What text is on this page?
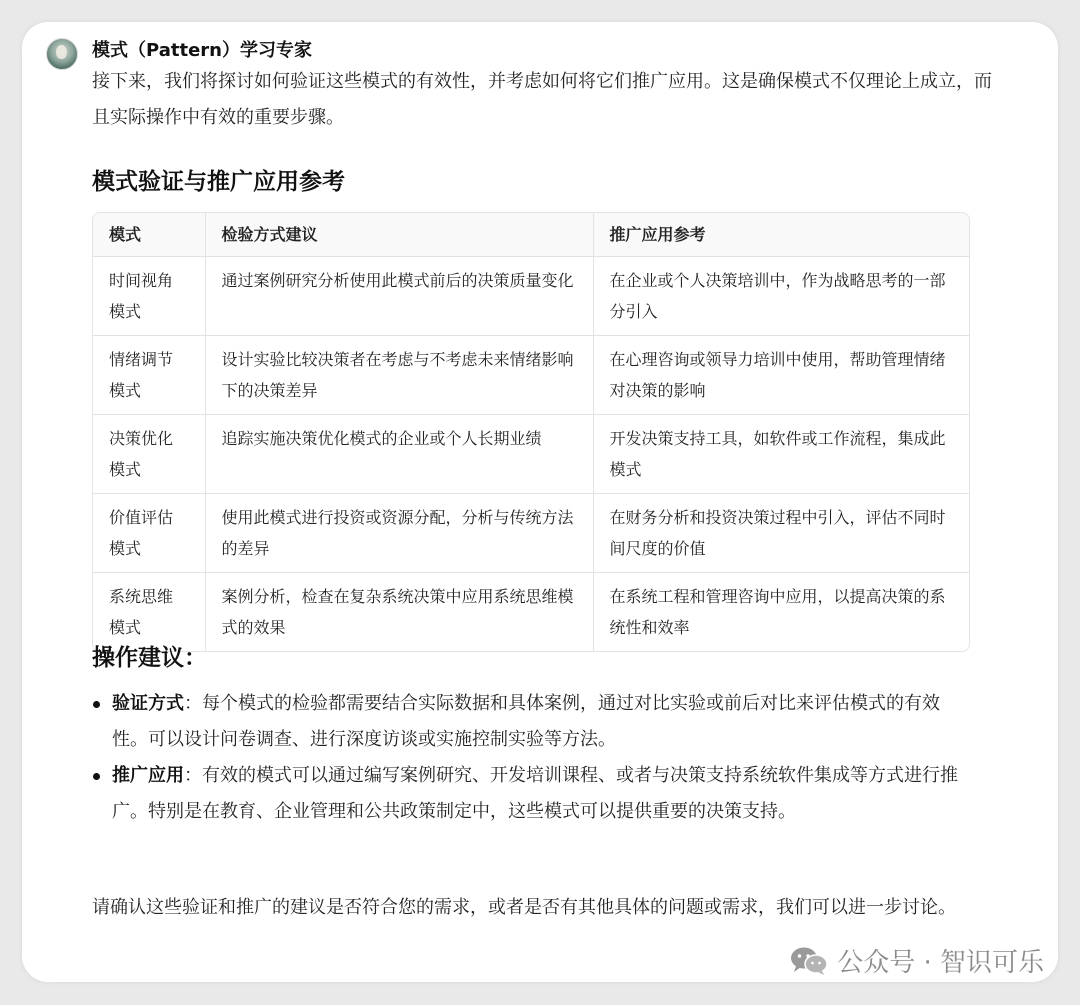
模式（Pattern）学习专家
接下来，我们将探讨如何验证这些模式的有效性，并考虑如何将它们推广应用。这是确保模式不仅理论上成立，而且实际操作中有效的重要步骤。
模式验证与推广应用参考
模式	检验方式建议	推广应用参考
时间视角模式	通过案例研究分析使用此模式前后的决策质量变化	在企业或个人决策培训中，作为战略思考的一部分引入
情绪调节模式	设计实验比较决策者在考虑与不考虑未来情绪影响下的决策差异	在心理咨询或领导力培训中使用，帮助管理情绪对决策的影响
决策优化模式	追踪实施决策优化模式的企业或个人长期业绩	开发决策支持工具，如软件或工作流程，集成此模式
价值评估模式	使用此模式进行投资或资源分配，分析与传统方法的差异	在财务分析和投资决策过程中引入，评估不同时间尺度的价值
系统思维模式	案例分析，检查在复杂系统决策中应用系统思维模式的效果	在系统工程和管理咨询中应用，以提高决策的系统性和效率
操作建议：
验证方式：每个模式的检验都需要结合实际数据和具体案例，通过对比实验或前后对比来评估模式的有效性。可以设计问卷调查、进行深度访谈或实施控制实验等方法。
推广应用：有效的模式可以通过编写案例研究、开发培训课程、或者与决策支持系统软件集成等方式进行推广。特别是在教育、企业管理和公共政策制定中，这些模式可以提供重要的决策支持。
请确认这些验证和推广的建议是否符合您的需求，或者是否有其他具体的问题或需求，我们可以进一步讨论。
公众号 · 智识可乐
